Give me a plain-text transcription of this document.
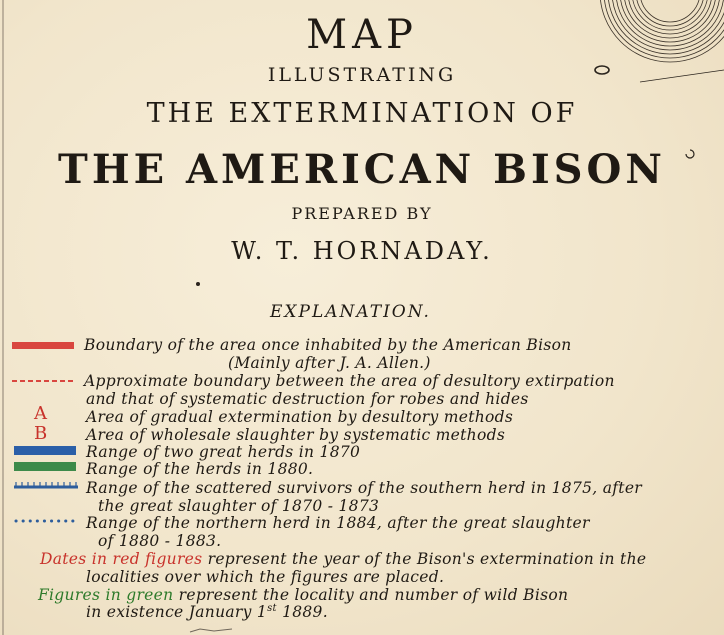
MAP
ILLUSTRATING
THE EXTERMINATION OF
THE AMERICAN BISON
PREPARED BY
W. T. HORNADAY.
EXPLANATION.
A
B
Boundary of the area once inhabited by the American Bison
(Mainly after J. A. Allen.)
Approximate boundary between the area of desultory extirpation
and that of systematic destruction for robes and hides
Area of gradual extermination by desultory methods
Area of wholesale slaughter by systematic methods
Range of two great herds in 1870
Range of the herds in 1880.
Range of the scattered survivors of the southern herd in 1875, after
the great slaughter of 1870 - 1873
Range of the northern herd in 1884, after the great slaughter
of 1880 - 1883.
Dates in red figures represent the year of the Bison's extermination in the
localities over which the figures are placed.
Figures in green represent the locality and number of wild Bison
in existence January 1st 1889.
